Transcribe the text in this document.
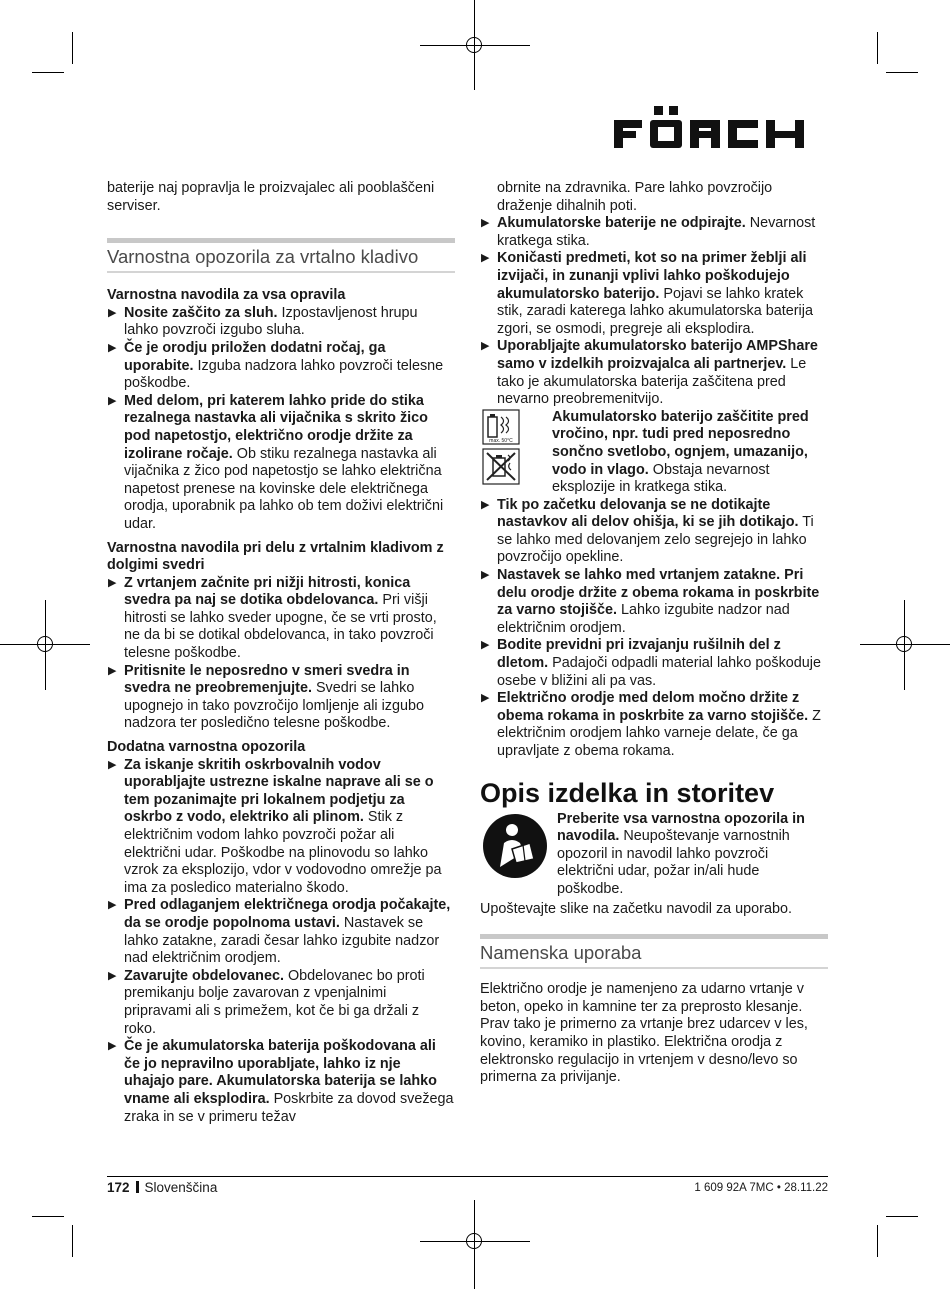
baterije naj popravlja le proizvajalec ali pooblaščeni serviser.

Varnostna opozorila za vrtalno kladivo

Varnostna navodila za vsa opravila

▶ Nosite zaščito za sluh. Izpostavljenost hrupu lahko povzroči izgubo sluha.

▶ Če je orodju priložen dodatni ročaj, ga uporabite. Izguba nadzora lahko povzroči telesne poškodbe.

▶ Med delom, pri katerem lahko pride do stika rezalnega nastavka ali vijačnika s skrito žico pod napetostjo, električno orodje držite za izolirane ročaje. Ob stiku rezalnega nastavka ali vijačnika z žico pod napetostjo se lahko električna napetost prenese na kovinske dele električnega orodja, uporabnik pa lahko ob tem doživi električni udar.

Varnostna navodila pri delu z vrtalnim kladivom z dolgimi svedri

▶ Z vrtanjem začnite pri nižji hitrosti, konica svedra pa naj se dotika obdelovanca. Pri višji hitrosti se lahko sveder upogne, če se vrti prosto, ne da bi se dotikal obdelovanca, in tako povzroči telesne poškodbe.

▶ Pritisnite le neposredno v smeri svedra in svedra ne preobremenjujte. Svedri se lahko upognejo in tako povzročijo lomljenje ali izgubo nadzora ter posledično telesne poškodbe.

Dodatna varnostna opozorila

▶ Za iskanje skritih oskrbovalnih vodov uporabljajte ustrezne iskalne naprave ali se o tem pozanimajte pri lokalnem podjetju za oskrbo z vodo, elektriko ali plinom. Stik z električnim vodom lahko povzroči požar ali električni udar. Poškodbe na plinovodu so lahko vzrok za eksplozijo, vdor v vodovodno omrežje pa ima za posledico materialno škodo.

▶ Pred odlaganjem električnega orodja počakajte, da se orodje popolnoma ustavi. Nastavek se lahko zatakne, zaradi česar lahko izgubite nadzor nad električnim orodjem.

▶ Zavarujte obdelovanec. Obdelovanec bo proti premikanju bolje zavarovan z vpenjalnimi pripravami ali s primežem, kot če bi ga držali z roko.

▶ Če je akumulatorska baterija poškodovana ali če jo nepravilno uporabljate, lahko iz nje uhajajo pare. Akumulatorska baterija se lahko vname ali eksplodira. Poskrbite za dovod svežega zraka in se v primeru težav

obrnite na zdravnika. Pare lahko povzročijo draženje dihalnih poti.

▶ Akumulatorske baterije ne odpirajte. Nevarnost kratkega stika.

▶ Koničasti predmeti, kot so na primer žeblji ali izvijači, in zunanji vplivi lahko poškodujejo akumulatorsko baterijo. Pojavi se lahko kratek stik, zaradi katerega lahko akumulatorska baterija zgori, se osmodi, pregreje ali eksplodira.

▶ Uporabljajte akumulatorsko baterijo AMPShare samo v izdelkih proizvajalca ali partnerjev. Le tako je akumulatorska baterija zaščitena pred nevarno preobremenitvijo.

max. 50°C

Akumulatorsko baterijo zaščitite pred vročino, npr. tudi pred neposredno sončno svetlobo, ognjem, umazanijo, vodo in vlago. Obstaja nevarnost eksplozije in kratkega stika.

▶ Tik po začetku delovanja se ne dotikajte nastavkov ali delov ohišja, ki se jih dotikajo. Ti se lahko med delovanjem zelo segrejejo in lahko povzročijo opekline.

▶ Nastavek se lahko med vrtanjem zatakne. Pri delu orodje držite z obema rokama in poskrbite za varno stojišče. Lahko izgubite nadzor nad električnim orodjem.

▶ Bodite previdni pri izvajanju rušilnih del z dletom. Padajoči odpadli material lahko poškoduje osebe v bližini ali pa vas.

▶ Električno orodje med delom močno držite z obema rokama in poskrbite za varno stojišče. Z električnim orodjem lahko varneje delate, če ga upravljate z obema rokama.

Opis izdelka in storitev

Preberite vsa varnostna opozorila in navodila. Neupoštevanje varnostnih opozoril in navodil lahko povzroči električni udar, požar in/ali hude poškodbe.

Upoštevajte slike na začetku navodil za uporabo.

Namenska uporaba

Električno orodje je namenjeno za udarno vrtanje v beton, opeko in kamnine ter za preprosto klesanje. Prav tako je primerno za vrtanje brez udarcev v les, kovino, keramiko in plastiko. Električna orodja z elektronsko regulacijo in vrtenjem v desno/levo so primerna za privijanje.

172 Slovenščina	1 609 92A 7MC • 28.11.22
